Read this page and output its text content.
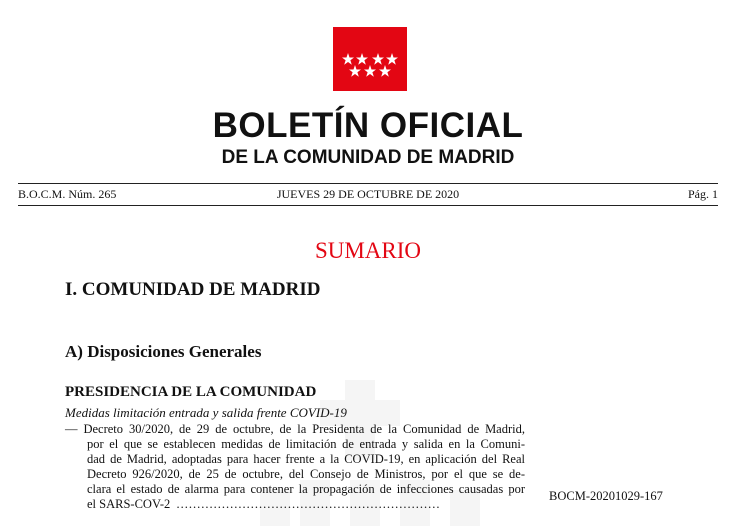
BOLETÍN OFICIAL
DE LA COMUNIDAD DE MADRID
B.O.C.M. Núm. 265	JUEVES 29 DE OCTUBRE DE 2020	Pág. 1
SUMARIO
I. COMUNIDAD DE MADRID
A) Disposiciones Generales
PRESIDENCIA DE LA COMUNIDAD
Medidas limitación entrada y salida frente COVID-19
— Decreto 30/2020, de 29 de octubre, de la Presidenta de la Comunidad de Madrid,
por el que se establecen medidas de limitación de entrada y salida en la Comuni-
dad de Madrid, adoptadas para hacer frente a la COVID-19, en aplicación del Real
Decreto 926/2020, de 25 de octubre, del Consejo de Ministros, por el que se de-
clara el estado de alarma para contener la propagación de infecciones causadas por
el SARS-COV-2 ................................................................
BOCM-20201029-167
